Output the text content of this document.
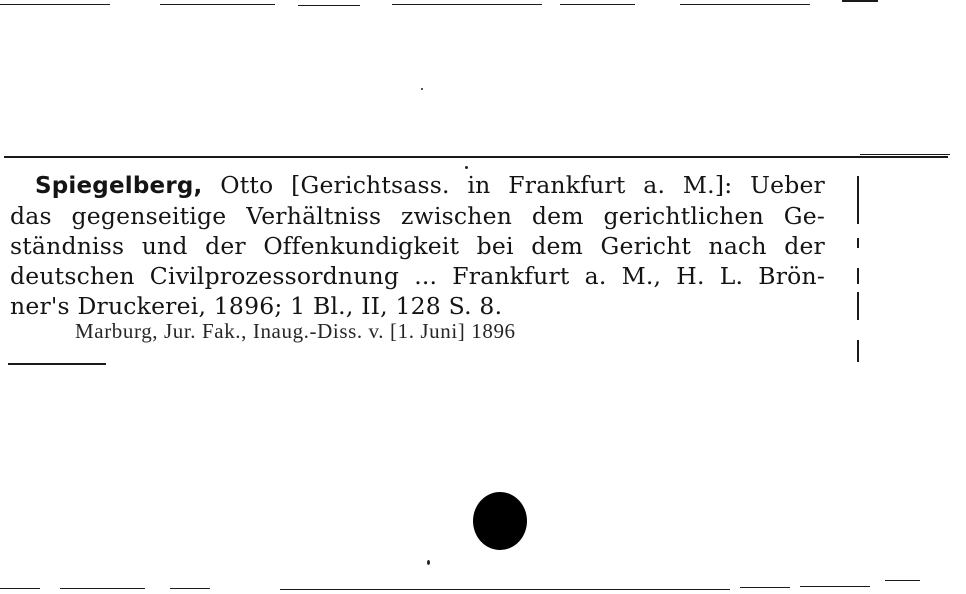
Spiegelberg, Otto [Gerichtsass. in Frankfurt a. M.]: Ueber
das gegenseitige Verhältniss zwischen dem gerichtlichen Ge-
ständniss und der Offenkundigkeit bei dem Gericht nach der
deutschen Civilprozessordnung ... Frankfurt a. M., H. L. Brön-
ner's Druckerei, 1896; 1 Bl., II, 128 S. 8.
Marburg, Jur. Fak., Inaug.-Diss. v. [1. Juni] 1896
